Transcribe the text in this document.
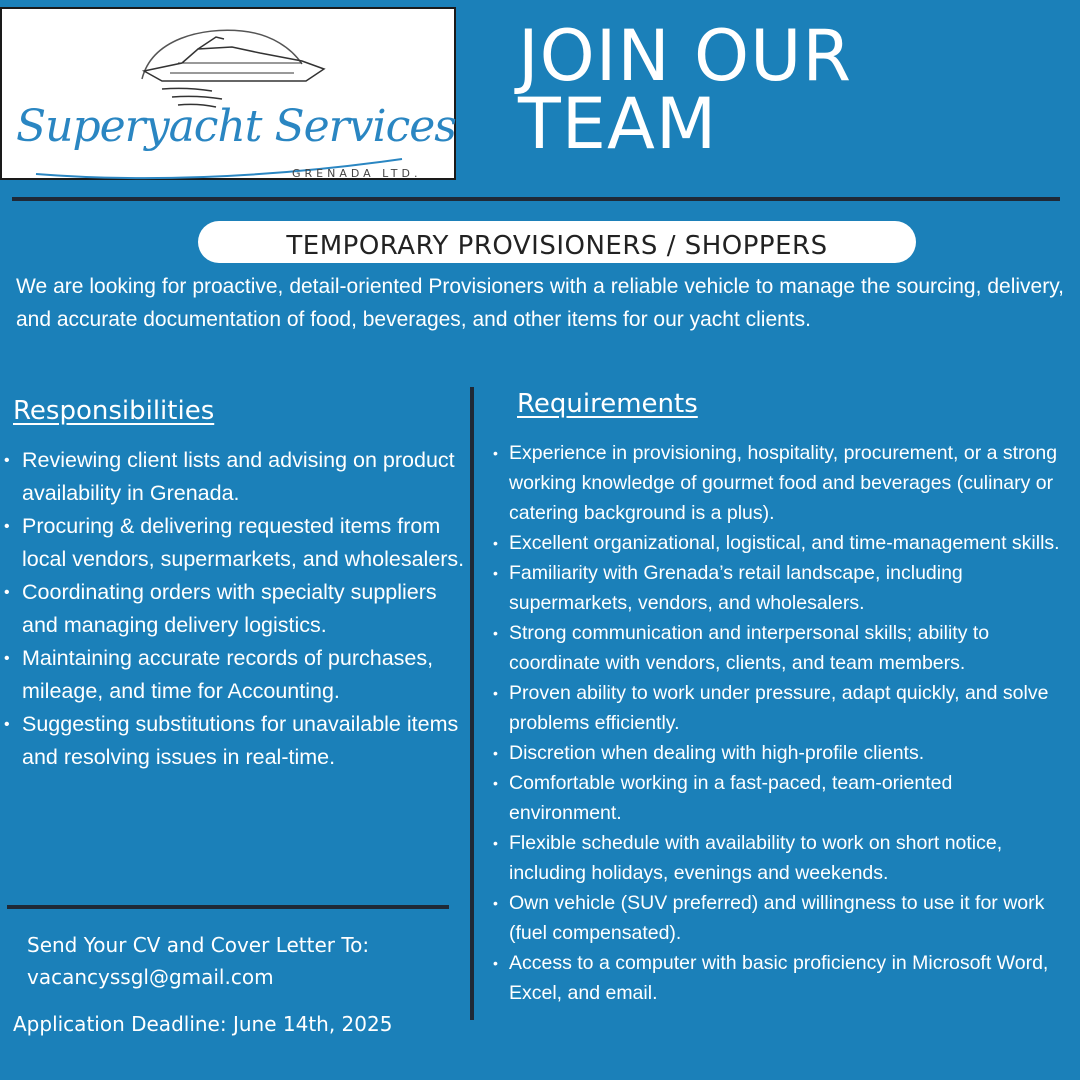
Superyacht Services
GRENADA LTD.
JOIN OUR
TEAM
TEMPORARY PROVISIONERS / SHOPPERS

We are looking for proactive, detail-oriented Provisioners with a reliable vehicle to manage the sourcing, delivery, and accurate documentation of food, beverages, and other items for our yacht clients.

Responsibilities
• Reviewing client lists and advising on product availability in Grenada.
• Procuring & delivering requested items from local vendors, supermarkets, and wholesalers.
• Coordinating orders with specialty suppliers and managing delivery logistics.
• Maintaining accurate records of purchases, mileage, and time for Accounting.
• Suggesting substitutions for unavailable items and resolving issues in real-time.
Requirements
• Experience in provisioning, hospitality, procurement, or a strong working knowledge of gourmet food and beverages (culinary or catering background is a plus).
• Excellent organizational, logistical, and time-management skills.
• Familiarity with Grenada’s retail landscape, including supermarkets, vendors, and wholesalers.
• Strong communication and interpersonal skills; ability to coordinate with vendors, clients, and team members.
• Proven ability to work under pressure, adapt quickly, and solve problems efficiently.
• Discretion when dealing with high-profile clients.
• Comfortable working in a fast-paced, team-oriented environment.
• Flexible schedule with availability to work on short notice, including holidays, evenings and weekends.
• Own vehicle (SUV preferred) and willingness to use it for work (fuel compensated).
• Access to a computer with basic proficiency in Microsoft Word, Excel, and email.
Send Your CV and Cover Letter To:
vacancyssgl@gmail.com
Application Deadline: June 14th, 2025
